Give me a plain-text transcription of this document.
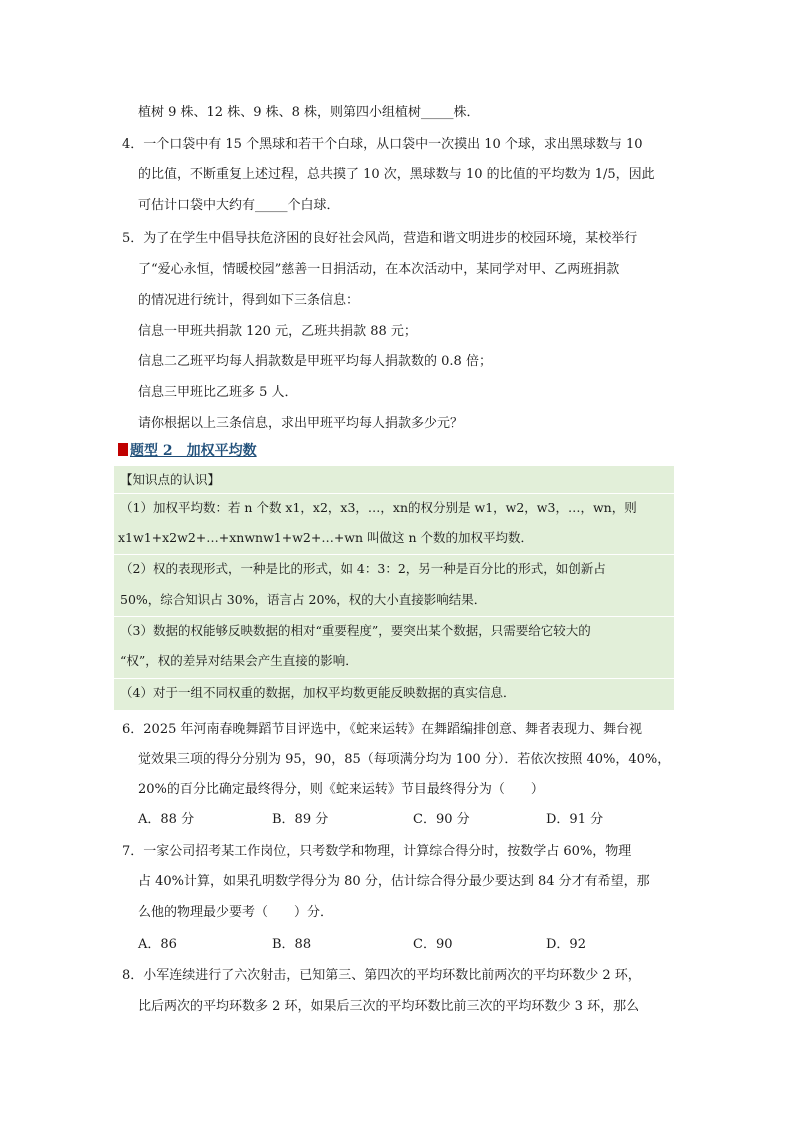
植树 9 株、12 株、9 株、8 株，则第四小组植树_____株．
4．一个口袋中有 15 个黑球和若干个白球，从口袋中一次摸出 10 个球，求出黑球数与 10
的比值，不断重复上述过程，总共摸了 10 次，黑球数与 10 的比值的平均数为 1/5，因此
可估计口袋中大约有_____个白球．
5．为了在学生中倡导扶危济困的良好社会风尚，营造和谐文明进步的校园环境，某校举行
了“爱心永恒，情暖校园”慈善一日捐活动，在本次活动中，某同学对甲、乙两班捐款
的情况进行统计，得到如下三条信息：
信息一甲班共捐款 120 元，乙班共捐款 88 元；
信息二乙班平均每人捐款数是甲班平均每人捐款数的 0.8 倍；
信息三甲班比乙班多 5 人．
请你根据以上三条信息，求出甲班平均每人捐款多少元？
题型 2　加权平均数
【知识点的认识】
（1）加权平均数：若 n 个数 x1，x2，x3，…，xn的权分别是 w1，w2，w3，…，wn，则
x1w1+x2w2+…+xnwnw1+w2+…+wn 叫做这 n 个数的加权平均数．
（2）权的表现形式，一种是比的形式，如 4：3：2，另一种是百分比的形式，如创新占
50%，综合知识占 30%，语言占 20%，权的大小直接影响结果．
（3）数据的权能够反映数据的相对“重要程度”，要突出某个数据，只需要给它较大的
“权”，权的差异对结果会产生直接的影响．
（4）对于一组不同权重的数据，加权平均数更能反映数据的真实信息．
6．2025 年河南春晚舞蹈节目评选中，《蛇来运转》在舞蹈编排创意、舞者表现力、舞台视
觉效果三项的得分分别为 95，90，85（每项满分均为 100 分）．若依次按照 40%，40%，
20%的百分比确定最终得分，则《蛇来运转》节目最终得分为（　　）
A．88 分	B．89 分	C．90 分	D．91 分
7．一家公司招考某工作岗位，只考数学和物理，计算综合得分时，按数学占 60%，物理
占 40%计算，如果孔明数学得分为 80 分，估计综合得分最少要达到 84 分才有希望，那
么他的物理最少要考（　　）分．
A．86	B．88	C．90	D．92
8．小军连续进行了六次射击，已知第三、第四次的平均环数比前两次的平均环数少 2 环，
比后两次的平均环数多 2 环，如果后三次的平均环数比前三次的平均环数少 3 环，那么
